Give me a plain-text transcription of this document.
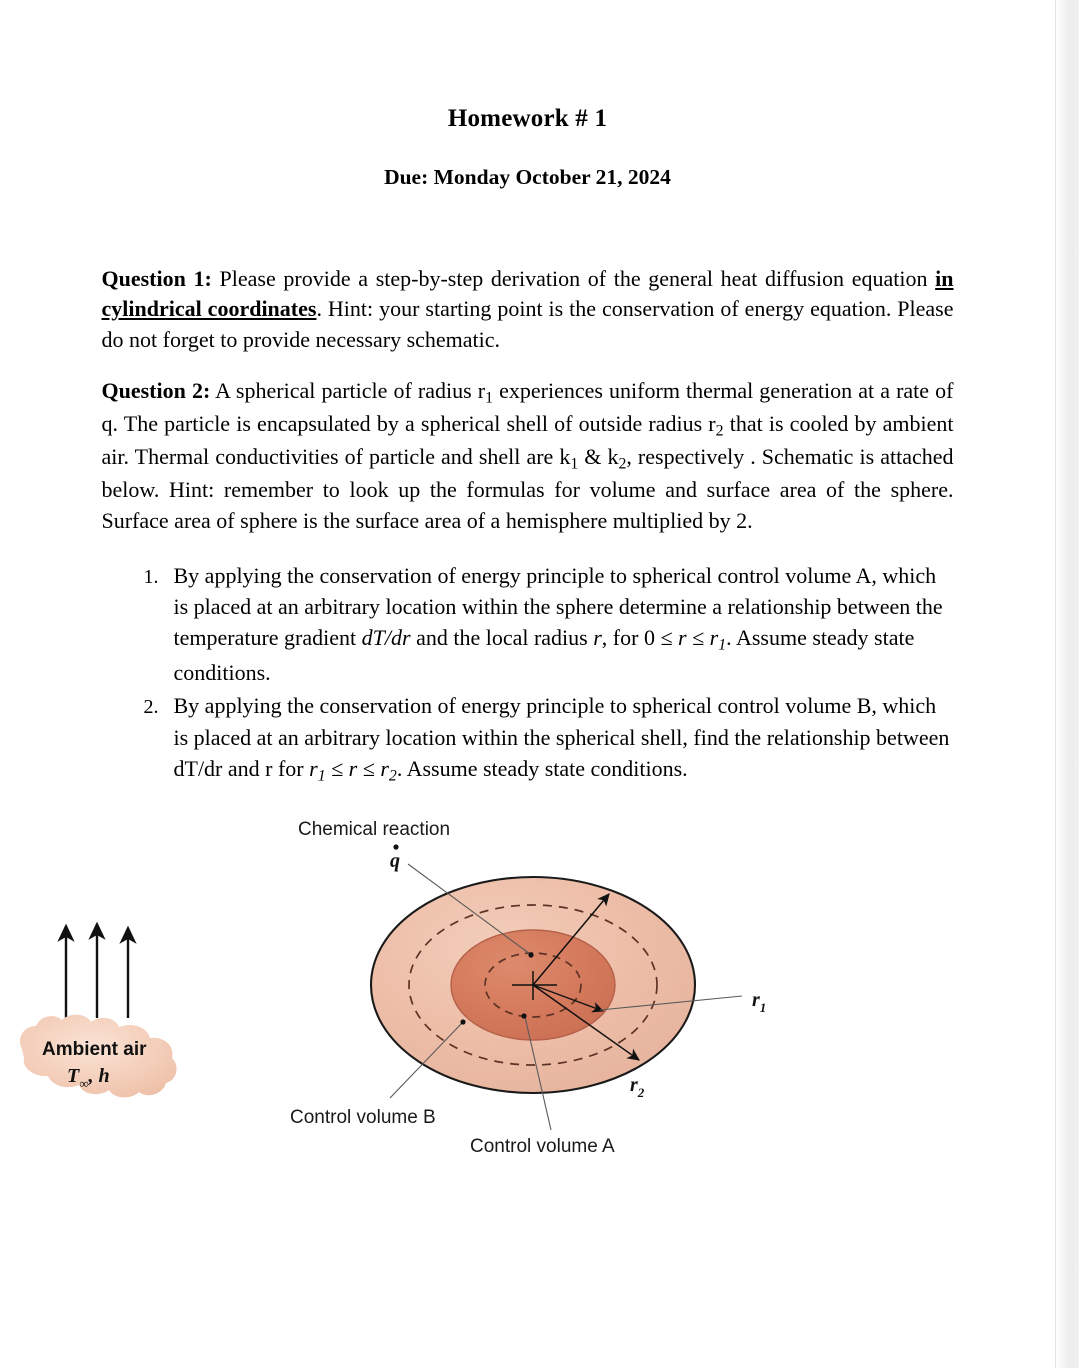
Homework # 1
Due: Monday October 21, 2024

Question 1: Please provide a step-by-step derivation of the general heat diffusion equation in cylindrical coordinates. Hint: your starting point is the conservation of energy equation. Please do not forget to provide necessary schematic.

Question 2: A spherical particle of radius $r_1$ experiences uniform thermal generation at a rate of q. The particle is encapsulated by a spherical shell of outside radius $r_2$ that is cooled by ambient air. Thermal conductivities of particle and shell are $k_1$ & $k_2$, respectively . Schematic is attached below. Hint: remember to look up the formulas for volume and surface area of the sphere. Surface area of sphere is the surface area of a hemisphere multiplied by 2.

1. By applying the conservation of energy principle to spherical control volume A, which is placed at an arbitrary location within the sphere determine a relationship between the temperature gradient dT/dr and the local radius r, for $0 \le r \le r_1$. Assume steady state conditions.
2. By applying the conservation of energy principle to spherical control volume B, which is placed at an arbitrary location within the spherical shell, find the relationship between dT/dr and r for $r_1 \le r \le r_2$. Assume steady state conditions.
Chemical reaction
q
$r_1$
$r_2$
Control volume B
Control volume A
Ambient air
$T_\infty$, h
